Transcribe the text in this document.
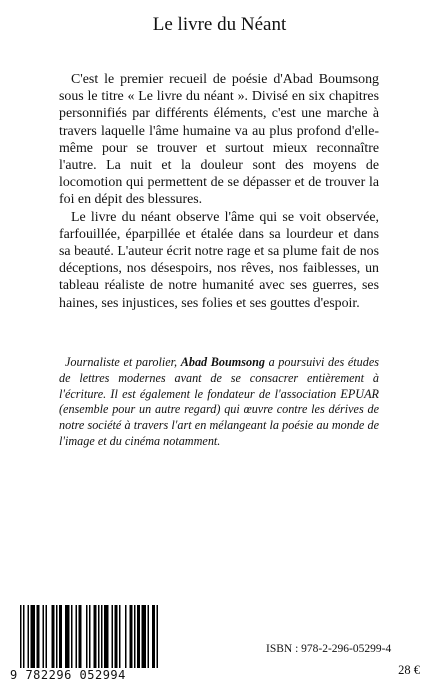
Le livre du Néant

C'est le premier recueil de poésie d'Abad Boumsong sous le titre « Le livre du néant ». Divisé en six chapitres personnifiés par différents éléments, c'est une marche à travers laquelle l'âme humaine va au plus profond d'elle-même pour se trouver et surtout mieux reconnaître l'autre. La nuit et la douleur sont des moyens de locomotion qui permettent de se dépasser et de trouver la foi en dépit des blessures.

Le livre du néant observe l'âme qui se voit observée, farfouillée, éparpillée et étalée dans sa lourdeur et dans sa beauté. L'auteur écrit notre rage et sa plume fait de nos déceptions, nos désespoirs, nos rêves, nos faiblesses, un tableau réaliste de notre humanité avec ses guerres, ses haines, ses injustices, ses folies et ses gouttes d'espoir.

Journaliste et parolier, Abad Boumsong a poursuivi des études de lettres modernes avant de se consacrer entièrement à l'écriture. Il est également le fondateur de l'association EPUAR (ensemble pour un autre regard) qui œuvre contre les dérives de notre société à travers l'art en mélangeant la poésie au monde de l'image et du cinéma notamment.

9 782296 052994
ISBN : 978-2-296-05299-4
28 €
